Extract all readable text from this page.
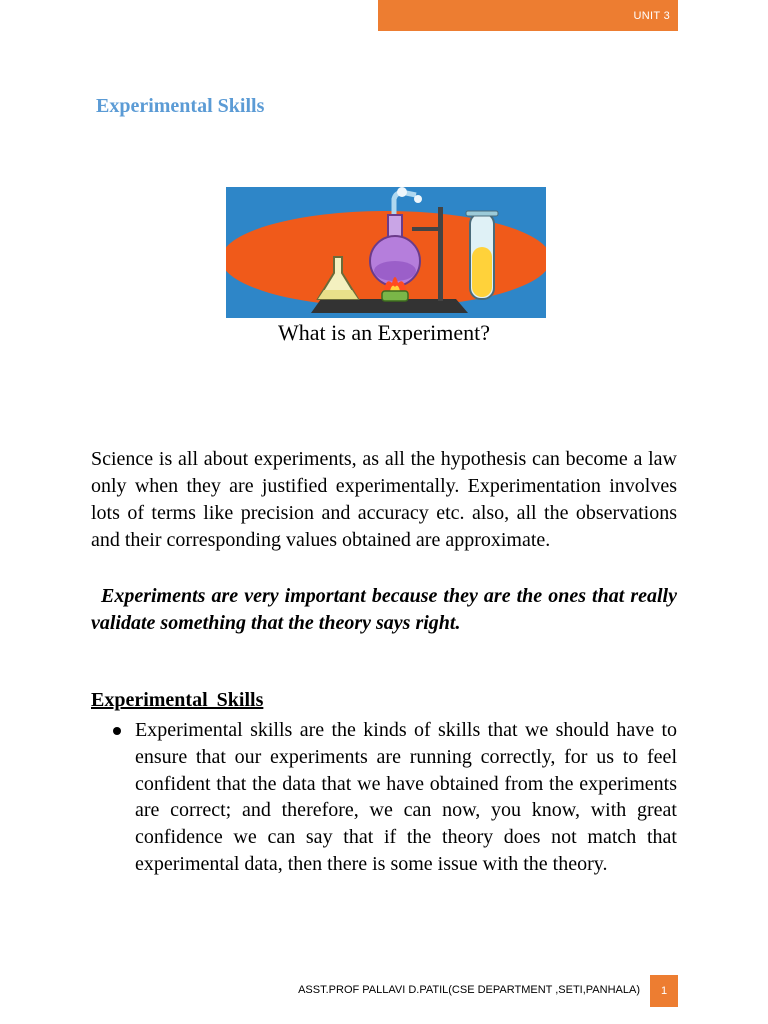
UNIT 3
Experimental Skills
What is an Experiment?

Science is all about experiments, as all the hypothesis can become a law only when they are justified experimentally. Experimentation involves lots of terms like precision and accuracy etc. also, all the observations and their corresponding values obtained are approximate.

Experiments are very important because they are the ones that really validate something that the theory says right.

Experimental Skills
Experimental skills are the kinds of skills that we should have to ensure that our experiments are running correctly, for us to feel confident that the data that we have obtained from the experiments are correct; and therefore, we can now, you know, with great confidence we can say that if the theory does not match that experimental data, then there is some issue with the theory.
ASST.PROF PALLAVI D.PATIL(CSE DEPARTMENT ,SETI,PANHALA) 1
